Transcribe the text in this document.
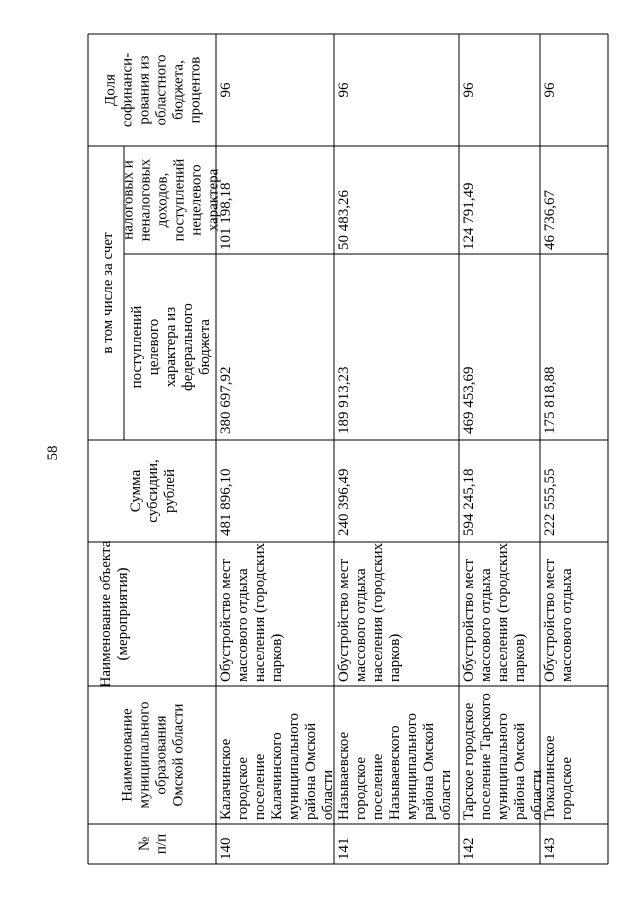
58
№п/п
НаименованиемуниципальногообразованияОмской области
Наименование объекта(мероприятия)
Суммасубсидии,рублей
в том числе за счет поступленийцелевогохарактера изфедеральногобюджета
налоговых иненалоговыхдоходов,поступленийнецелевогохарактера
Долясофинанси-рования изобластногобюджета,процентов
140
КалачинскоегородскоепоселениеКалачинскогомуниципальногорайона Омскойобласти
Обустройство местмассового отдыханаселения (городскихпарков)
481 896,10
380 697,92
101 198,18
96
141
НазываевскоегородскоепоселениеНазываевскогомуниципальногорайона Омскойобласти
Обустройство местмассового отдыханаселения (городскихпарков)
240 396,49
189 913,23
50 483,26
96
142
Тарское городскоепоселение Тарскогомуниципальногорайона Омскойобласти
Обустройство местмассового отдыханаселения (городскихпарков)
594 245,18
469 453,69
124 791,49
96
143
Тюкалинскоегородское
Обустройство местмассового отдыха
222 555,55
175 818,88
46 736,67
96
